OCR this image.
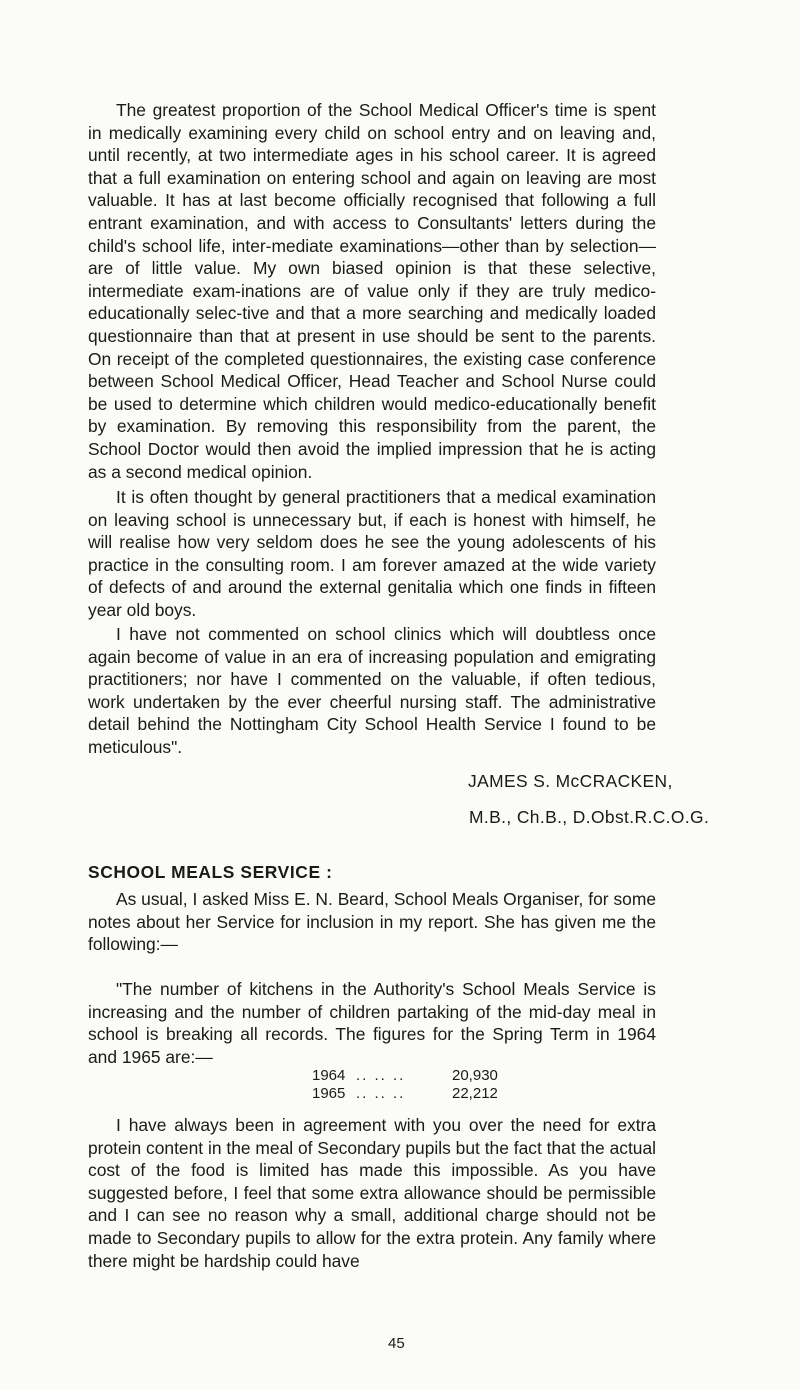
The greatest proportion of the School Medical Officer's time is spent in medically examining every child on school entry and on leaving and, until recently, at two intermediate ages in his school career. It is agreed that a full examination on entering school and again on leaving are most valuable. It has at last become officially recognised that following a full entrant examination, and with access to Consultants' letters during the child's school life, inter-mediate examinations—other than by selection—are of little value. My own biased opinion is that these selective, intermediate exam-inations are of value only if they are truly medico-educationally selec-tive and that a more searching and medically loaded questionnaire than that at present in use should be sent to the parents. On receipt of the completed questionnaires, the existing case conference between School Medical Officer, Head Teacher and School Nurse could be used to determine which children would medico-educationally benefit by examination. By removing this responsibility from the parent, the School Doctor would then avoid the implied impression that he is acting as a second medical opinion.

It is often thought by general practitioners that a medical examination on leaving school is unnecessary but, if each is honest with himself, he will realise how very seldom does he see the young adolescents of his practice in the consulting room. I am forever amazed at the wide variety of defects of and around the external genitalia which one finds in fifteen year old boys.

I have not commented on school clinics which will doubtless once again become of value in an era of increasing population and emigrating practitioners; nor have I commented on the valuable, if often tedious, work undertaken by the ever cheerful nursing staff. The administrative detail behind the Nottingham City School Health Service I found to be meticulous".

JAMES S. McCRACKEN,
M.B., Ch.B., D.Obst.R.C.O.G.
SCHOOL MEALS SERVICE :

As usual, I asked Miss E. N. Beard, School Meals Organiser, for some notes about her Service for inclusion in my report. She has given me the following:—

"The number of kitchens in the Authority's School Meals Service is increasing and the number of children partaking of the mid-day meal in school is breaking all records. The figures for the Spring Term in 1964 and 1965 are:—

1964 .. .. ..	20,930
1965 .. .. ..	22,212

I have always been in agreement with you over the need for extra protein content in the meal of Secondary pupils but the fact that the actual cost of the food is limited has made this impossible. As you have suggested before, I feel that some extra allowance should be permissible and I can see no reason why a small, additional charge should not be made to Secondary pupils to allow for the extra protein. Any family where there might be hardship could have

45
